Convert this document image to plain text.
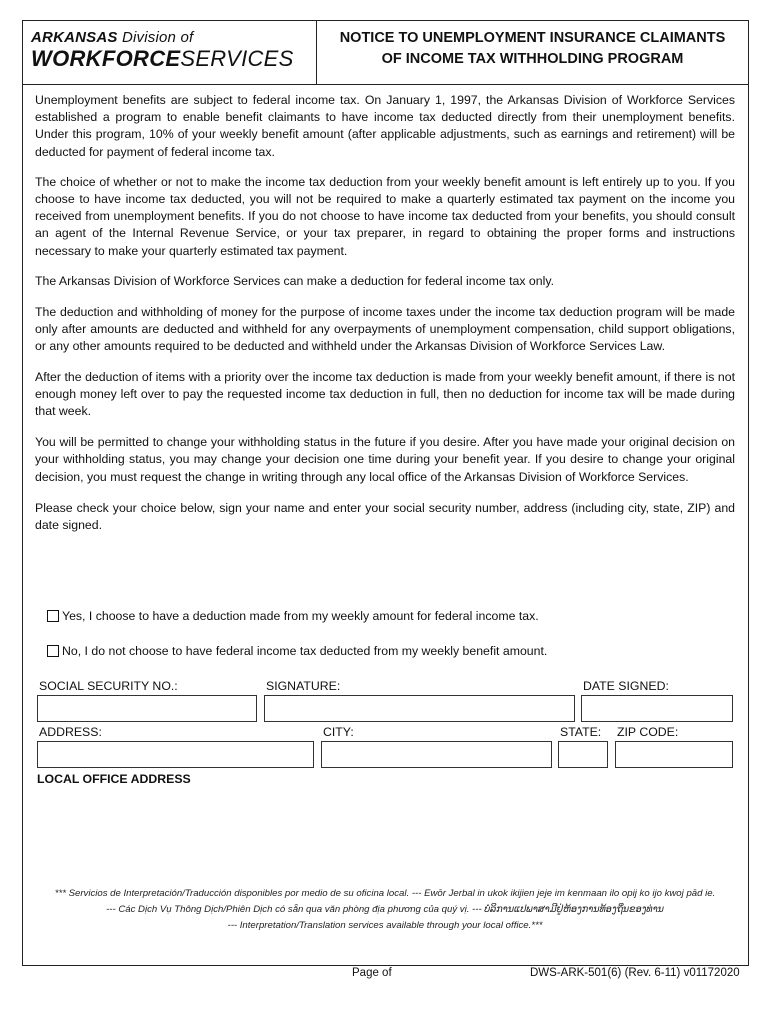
ARKANSAS Division of
WORKFORCESERVICES
NOTICE TO UNEMPLOYMENT INSURANCE CLAIMANTS
OF INCOME TAX WITHHOLDING PROGRAM

Unemployment benefits are subject to federal income tax. On January 1, 1997, the Arkansas Division of Workforce Services established a program to enable benefit claimants to have income tax deducted directly from their unemployment benefits. Under this program, 10% of your weekly benefit amount (after applicable adjustments, such as earnings and retirement) will be deducted for payment of federal income tax.

The choice of whether or not to make the income tax deduction from your weekly benefit amount is left entirely up to you. If you choose to have income tax deducted, you will not be required to make a quarterly estimated tax payment on the income you received from unemployment benefits. If you do not choose to have income tax deducted from your benefits, you should consult an agent of the Internal Revenue Service, or your tax preparer, in regard to obtaining the proper forms and instructions necessary to make your quarterly estimated tax payment.

The Arkansas Division of Workforce Services can make a deduction for federal income tax only.

The deduction and withholding of money for the purpose of income taxes under the income tax deduction program will be made only after amounts are deducted and withheld for any overpayments of unemployment compensation, child support obligations, or any other amounts required to be deducted and withheld under the Arkansas Division of Workforce Services Law.

After the deduction of items with a priority over the income tax deduction is made from your weekly benefit amount, if there is not enough money left over to pay the requested income tax deduction in full, then no deduction for income tax will be made during that week.

You will be permitted to change your withholding status in the future if you desire. After you have made your original decision on your withholding status, you may change your decision one time during your benefit year. If you desire to change your original decision, you must request the change in writing through any local office of the Arkansas Division of Workforce Services.

Please check your choice below, sign your name and enter your social security number, address (including city, state, ZIP) and date signed.

Yes, I choose to have a deduction made from my weekly amount for federal income tax.
No, I do not choose to have federal income tax deducted from my weekly benefit amount.
SOCIAL SECURITY NO.:	SIGNATURE:	DATE SIGNED:
ADDRESS:	CITY:	STATE: ZIP CODE:
LOCAL OFFICE ADDRESS
*** Servicios de Interpretación/Traducción disponibles por medio de su oficina local. --- Ewōr Jerbal in ukok ikijien jeje im kenmaan ilo opij ko ijo kwoj pād ie.
--- Các Dịch Vụ Thông Dịch/Phiên Dịch có sẵn qua văn phòng địa phương của quý vị. --- ບໍລິການແປພາສາມີຢູ່ຫ້ອງການທ້ອງຖິ່ນຂອງທ່ານ
--- Interpretation/Translation services available through your local office.***
Page of	DWS-ARK-501(6) (Rev. 6-11) v01172020
